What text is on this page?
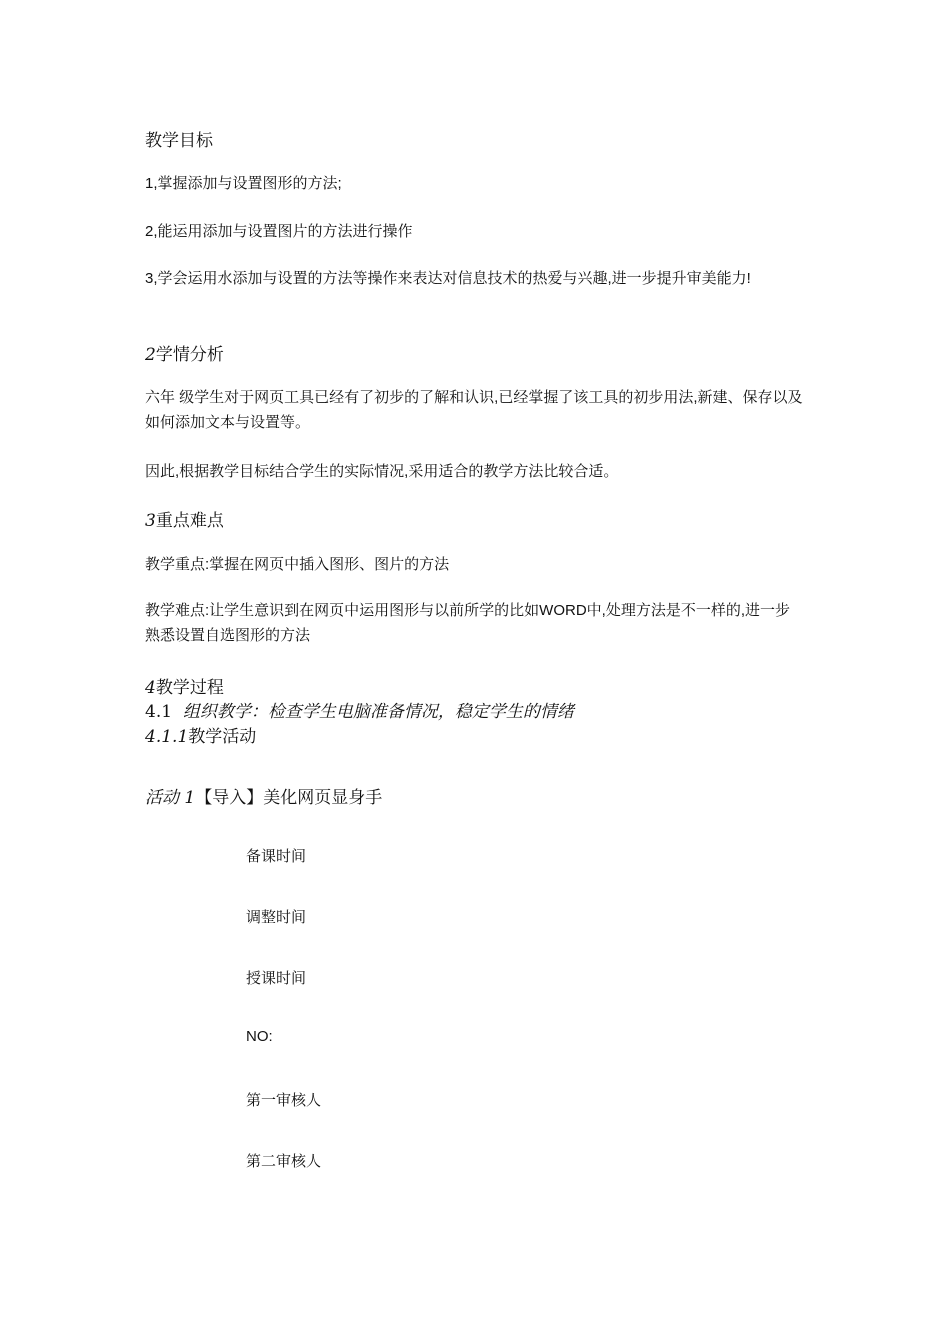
教学目标
1,掌握添加与设置图形的方法;
2,能运用添加与设置图片的方法进行操作
3,学会运用水添加与设置的方法等操作来表达对信息技术的热爱与兴趣,进一步提升审美能力!
2学情分析
六年 级学生对于网页工具已经有了初步的了解和认识,已经掌握了该工具的初步用法,新建、保存以及如何添加文本与设置等。
因此,根据教学目标结合学生的实际情况,采用适合的教学方法比较合适。
3重点难点
教学重点:掌握在网页中插入图形、图片的方法
教学难点:让学生意识到在网页中运用图形与以前所学的比如WORD中,处理方法是不一样的,进一步熟悉设置自选图形的方法
4教学过程
4.1 组织教学：检查学生电脑准备情况，稳定学生的情绪
4.1.1教学活动
活动 1【导入】美化网页显身手
备课时间
调整时间
授课时间
NO:
第一审核人
第二审核人
